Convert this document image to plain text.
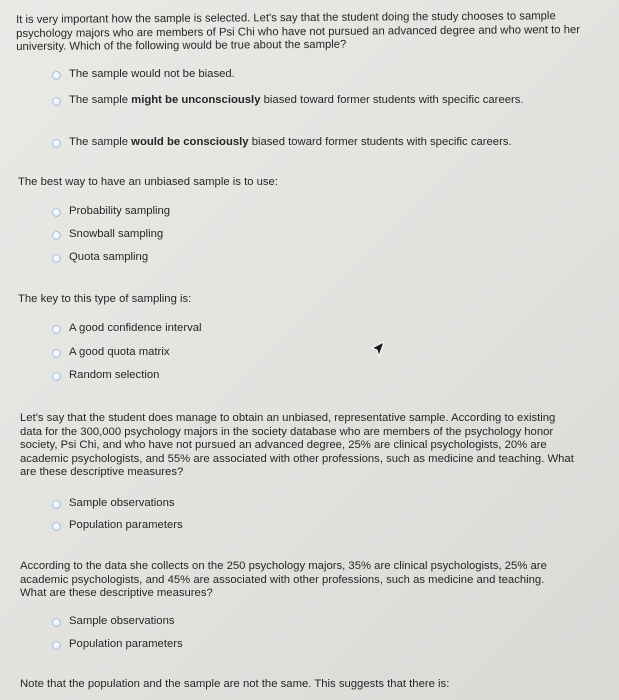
It is very important how the sample is selected. Let's say that the student doing the study chooses to sample psychology majors who are members of Psi Chi who have not pursued an advanced degree and who went to her university. Which of the following would be true about the sample?
The sample would not be biased.
The sample might be unconsciously biased toward former students with specific careers.
The sample would be consciously biased toward former students with specific careers.
The best way to have an unbiased sample is to use:
Probability sampling
Snowball sampling
Quota sampling
The key to this type of sampling is:
A good confidence interval
A good quota matrix
Random selection
Let's say that the student does manage to obtain an unbiased, representative sample. According to existing data for the 300,000 psychology majors in the society database who are members of the psychology honor society, Psi Chi, and who have not pursued an advanced degree, 25% are clinical psychologists, 20% are academic psychologists, and 55% are associated with other professions, such as medicine and teaching. What are these descriptive measures?
Sample observations
Population parameters
According to the data she collects on the 250 psychology majors, 35% are clinical psychologists, 25% are academic psychologists, and 45% are associated with other professions, such as medicine and teaching. What are these descriptive measures?
Sample observations
Population parameters
Note that the population and the sample are not the same. This suggests that there is:
